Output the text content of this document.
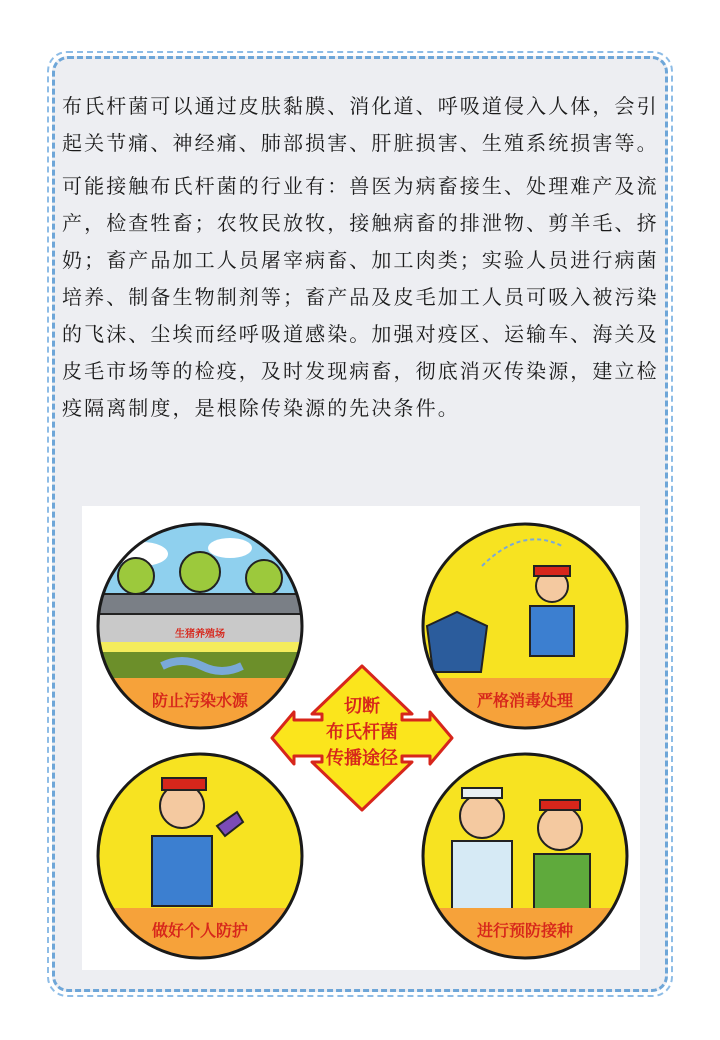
布氏杆菌可以通过皮肤黏膜、消化道、呼吸道侵入人体，会引起关节痛、神经痛、肺部损害、肝脏损害、生殖系统损害等。

可能接触布氏杆菌的行业有：兽医为病畜接生、处理难产及流产，检查牲畜；农牧民放牧，接触病畜的排泄物、剪羊毛、挤奶；畜产品加工人员屠宰病畜、加工肉类；实验人员进行病菌培养、制备生物制剂等；畜产品及皮毛加工人员可吸入被污染的飞沫、尘埃而经呼吸道感染。加强对疫区、运输车、海关及皮毛市场等的检疫，及时发现病畜，彻底消灭传染源，建立检疫隔离制度，是根除传染源的先决条件。

生猪养殖场
防止污染水源	严格消毒处理
做好个人防护	进行预防接种
切断
布氏杆菌
传播途径
